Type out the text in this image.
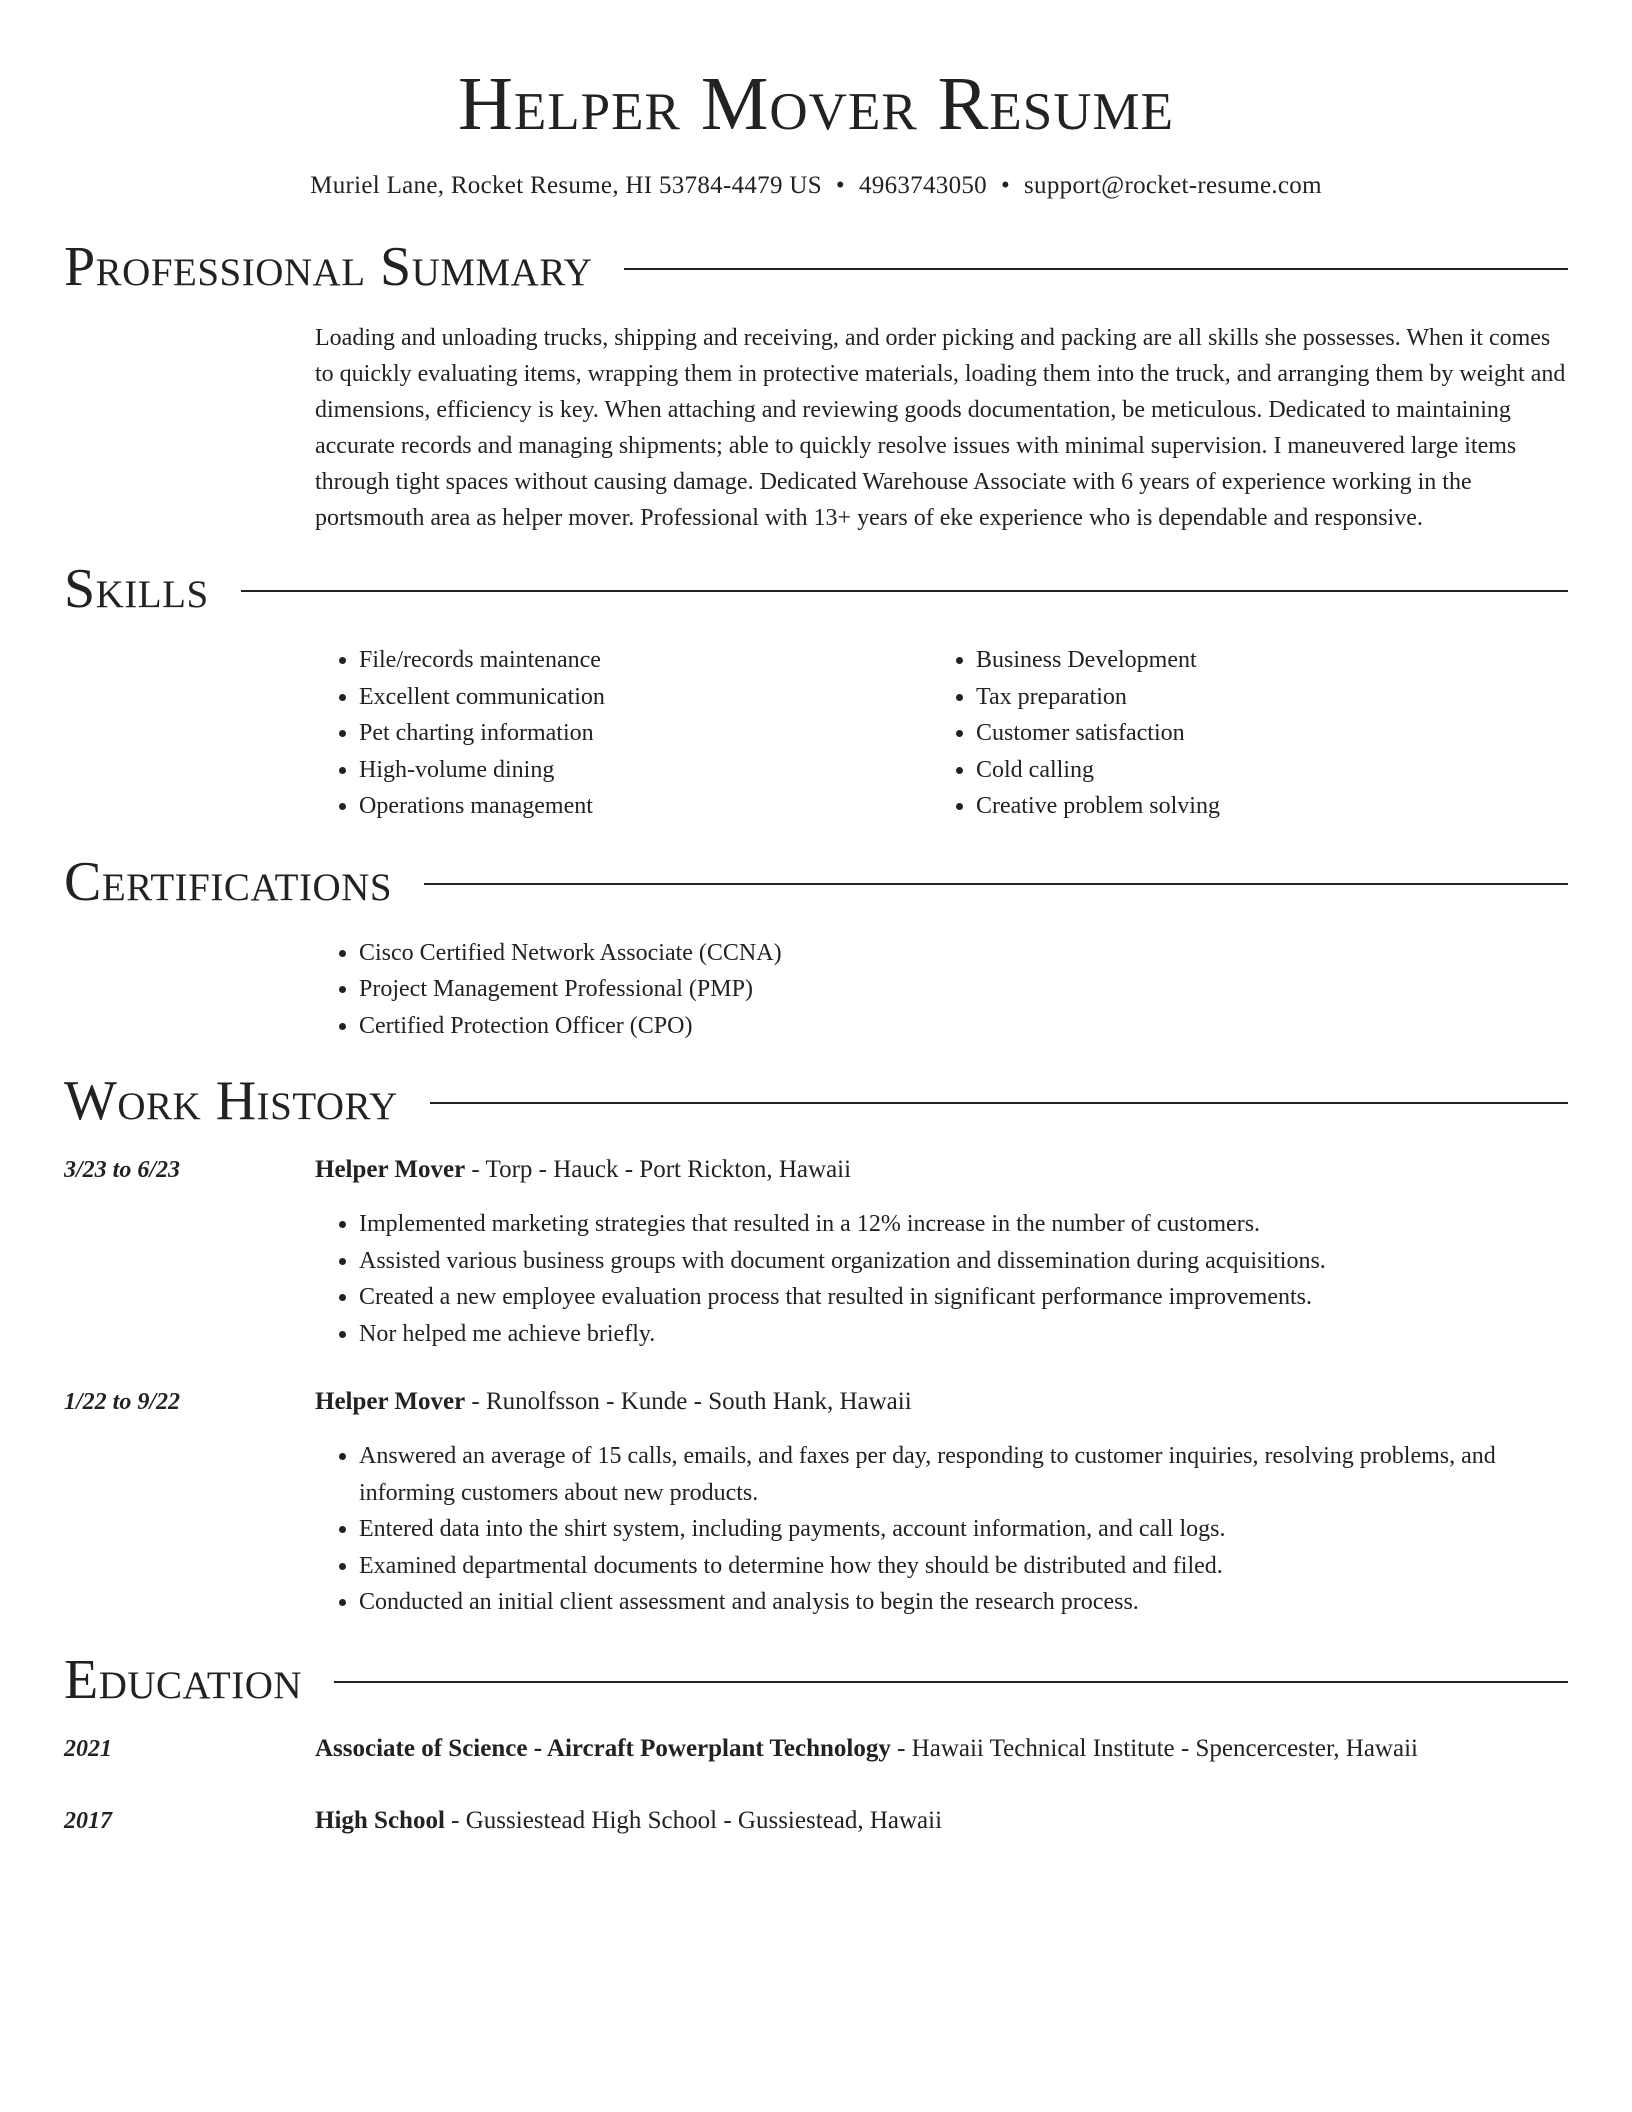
Helper Mover Resume
Muriel Lane, Rocket Resume, HI 53784-4479 US • 4963743050 • support@rocket-resume.com
Professional Summary
Loading and unloading trucks, shipping and receiving, and order picking and packing are all skills she possesses. When it comes to quickly evaluating items, wrapping them in protective materials, loading them into the truck, and arranging them by weight and dimensions, efficiency is key. When attaching and reviewing goods documentation, be meticulous. Dedicated to maintaining accurate records and managing shipments; able to quickly resolve issues with minimal supervision. I maneuvered large items through tight spaces without causing damage. Dedicated Warehouse Associate with 6 years of experience working in the portsmouth area as helper mover. Professional with 13+ years of eke experience who is dependable and responsive.
Skills
• File/records maintenance
• Excellent communication
• Pet charting information
• High-volume dining
• Operations management
• Business Development
• Tax preparation
• Customer satisfaction
• Cold calling
• Creative problem solving
Certifications
• Cisco Certified Network Associate (CCNA)
• Project Management Professional (PMP)
• Certified Protection Officer (CPO)
Work History
3/23 to 6/23	Helper Mover - Torp - Hauck - Port Rickton, Hawaii
• Implemented marketing strategies that resulted in a 12% increase in the number of customers.
• Assisted various business groups with document organization and dissemination during acquisitions.
• Created a new employee evaluation process that resulted in significant performance improvements.
• Nor helped me achieve briefly.
1/22 to 9/22	Helper Mover - Runolfsson - Kunde - South Hank, Hawaii
• Answered an average of 15 calls, emails, and faxes per day, responding to customer inquiries, resolving problems, and informing customers about new products.
• Entered data into the shirt system, including payments, account information, and call logs.
• Examined departmental documents to determine how they should be distributed and filed.
• Conducted an initial client assessment and analysis to begin the research process.
Education
2021	Associate of Science - Aircraft Powerplant Technology - Hawaii Technical Institute - Spencercester, Hawaii
2017	High School - Gussiestead High School - Gussiestead, Hawaii
